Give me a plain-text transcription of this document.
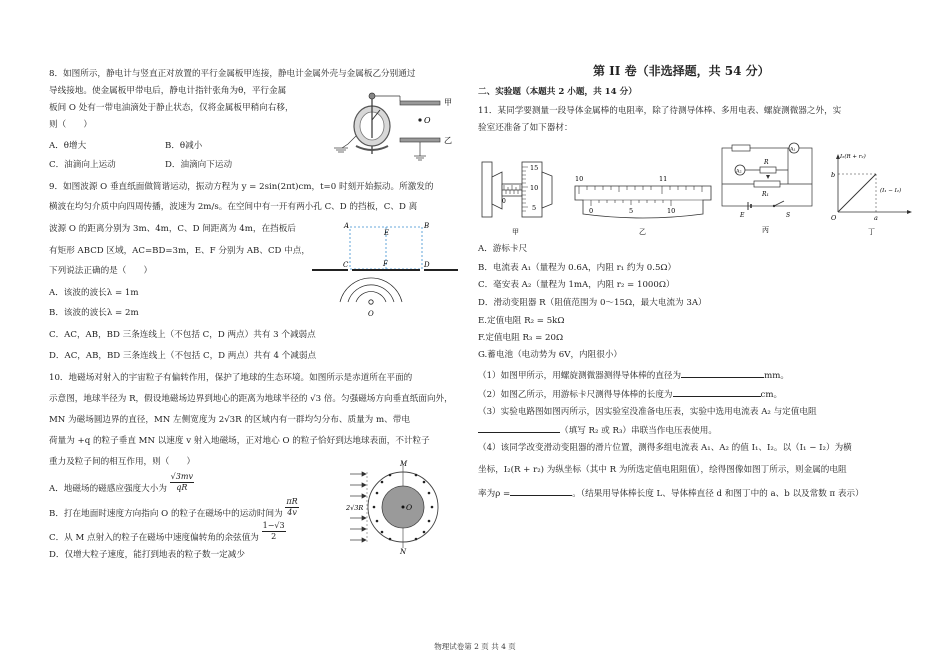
8．如图所示，静电计与竖直正对放置的平行金属板甲连接，静电计金属外壳与金属板乙分别通过
导线接地。使金属板甲带电后，静电计指针张角为θ，平行金属
板间 O 处有一带电油滴处于静止状态，仅将金属板甲稍向右移，
则（　　）
A．θ增大	B．θ减小
C．油滴向上运动	D．油滴向下运动
O
甲
乙
9．如图波源 O 垂直纸面做简谐运动，振动方程为 y = 2sin(2πt)cm，t=0 时刻开始振动。所激发的
横波在均匀介质中向四周传播，波速为 2m/s。在空间中有一开有两小孔 C、D 的挡板，C、D 离
波源 O 的距离分别为 3m、4m，C、D 间距离为 4m，在挡板后
有矩形 ABCD 区域，AC=BD=3m，E、F 分别为 AB、CD 中点，
下列说法正确的是（　　）
A．该波的波长λ = 1m
B．该波的波长λ = 2m
C．AC，AB，BD 三条连线上（不包括 C，D 两点）共有 3 个减弱点
D．AC，AB，BD 三条连线上（不包括 C，D 两点）共有 4 个减弱点
A
E
B
C	F	D
O
10．地磁场对射入的宇宙粒子有偏转作用，保护了地球的生态环境。如图所示是赤道所在平面的
示意图，地球半径为 R，假设地磁场边界到地心的距离为地球半径的 √3 倍。匀强磁场方向垂直纸面向外，
MN 为磁场圆边界的直径，MN 左侧宽度为 2√3R 的区域内有一群均匀分布、质量为 m、带电
荷量为 +q 的粒子垂直 MN 以速度 v 射入地磁场，正对地心 O 的粒子恰好到达地球表面，不计粒子
重力及粒子间的相互作用，则（　　）
A．地磁场的磁感应强度大小为 $\frac{√3mv}{qR}$
B．打在地面时速度方向指向 O 的粒子在磁场中的运动时间为 $\frac{\pi R}{4v}$
C．从 M 点射入的粒子在磁场中速度偏转角的余弦值为 $\frac{1-√3}{2}$
D．仅增大粒子速度，能打到地表的粒子数一定减少
O
M
N
2√3R
第 II 卷（非选择题，共 54 分）
二、实验题（本题共 2 小题，共 14 分）
11．某同学要测量一段导体金属棒的电阻率，除了待测导体棒、多用电表、螺旋测微器之外，实
验室还准备了如下器材：
0
15
10
5
甲
10	11
0	5	10
乙
A₁
A₂
R
R₁
E	S
丙
I₂(R + r₂)
(I₁ − I₂)
b
a
O
丁
A．游标卡尺
B．电流表 A₁（量程为 0.6A，内阻 r₁ 约为 0.5Ω）
C．毫安表 A₂（量程为 1mA，内阻 r₂ = 1000Ω）
D．滑动变阻器 R（阻值范围为 0～15Ω，最大电流为 3A）
E.定值电阻 R₂ = 5kΩ
F.定值电阻 R₃ = 20Ω
G.蓄电池（电动势为 6V，内阻很小）
（1）如图甲所示，用螺旋测微器测得导体棒的直径为	mm。
（2）如图乙所示，用游标卡尺测得导体棒的长度为	cm。
（3）实验电路图如图丙所示，因实验室没准备电压表，实验中选用电流表 A₂ 与定值电阻
（填写 R₂ 或 R₃）串联当作电压表使用。
（4）该同学改变滑动变阻器的滑片位置，测得多组电流表 A₁、A₂ 的值 I₁、I₂。以（I₁ − I₂）为横
坐标，I₂(R + r₂) 为纵坐标（其中 R 为所选定值电阻阻值），绘得图像如图丁所示，则金属的电阻
率为ρ =	。（结果用导体棒长度 L、导体棒直径 d 和图丁中的 a、b 以及常数 π 表示）
物理试卷第 2 页 共 4 页
